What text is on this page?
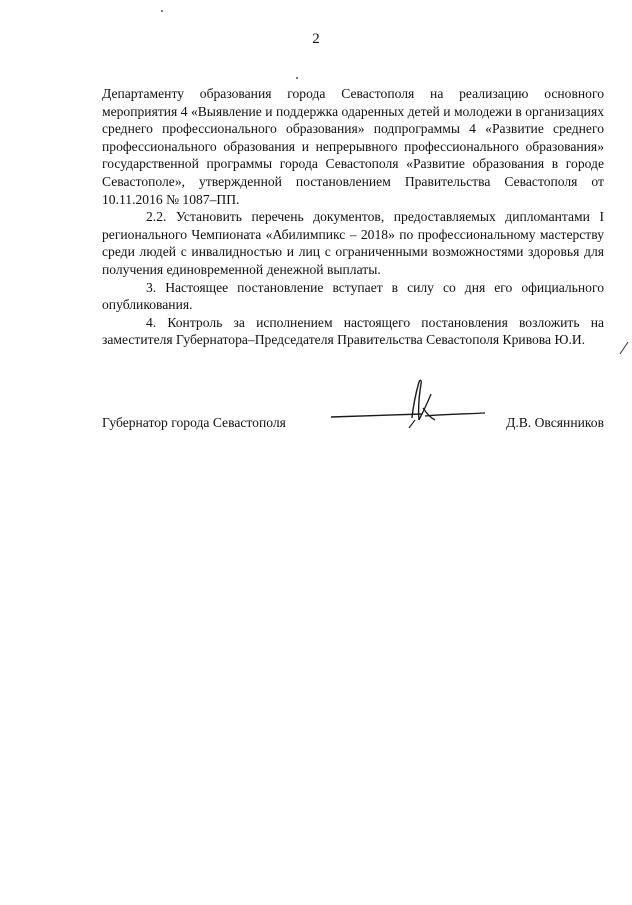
2

Департаменту образования города Севастополя на реализацию основного мероприятия 4 «Выявление и поддержка одаренных детей и молодежи в организациях среднего профессионального образования» подпрограммы 4 «Развитие среднего профессионального образования и непрерывного профессионального образования» государственной программы города Севастополя «Развитие образования в городе Севастополе», утвержденной постановлением Правительства Севастополя от 10.11.2016 № 1087–ПП.

2.2. Установить перечень документов, предоставляемых дипломантами I регионального Чемпионата «Абилимпикс – 2018» по профессиональному мастерству среди людей с инвалидностью и лиц с ограниченными возможностями здоровья для получения единовременной денежной выплаты.

3. Настоящее постановление вступает в силу со дня его официального опубликования.

4. Контроль за исполнением настоящего постановления возложить на заместителя Губернатора–Председателя Правительства Севастополя Кривова Ю.И.

Губернатор города Севастополя	Д.В. Овсянников
